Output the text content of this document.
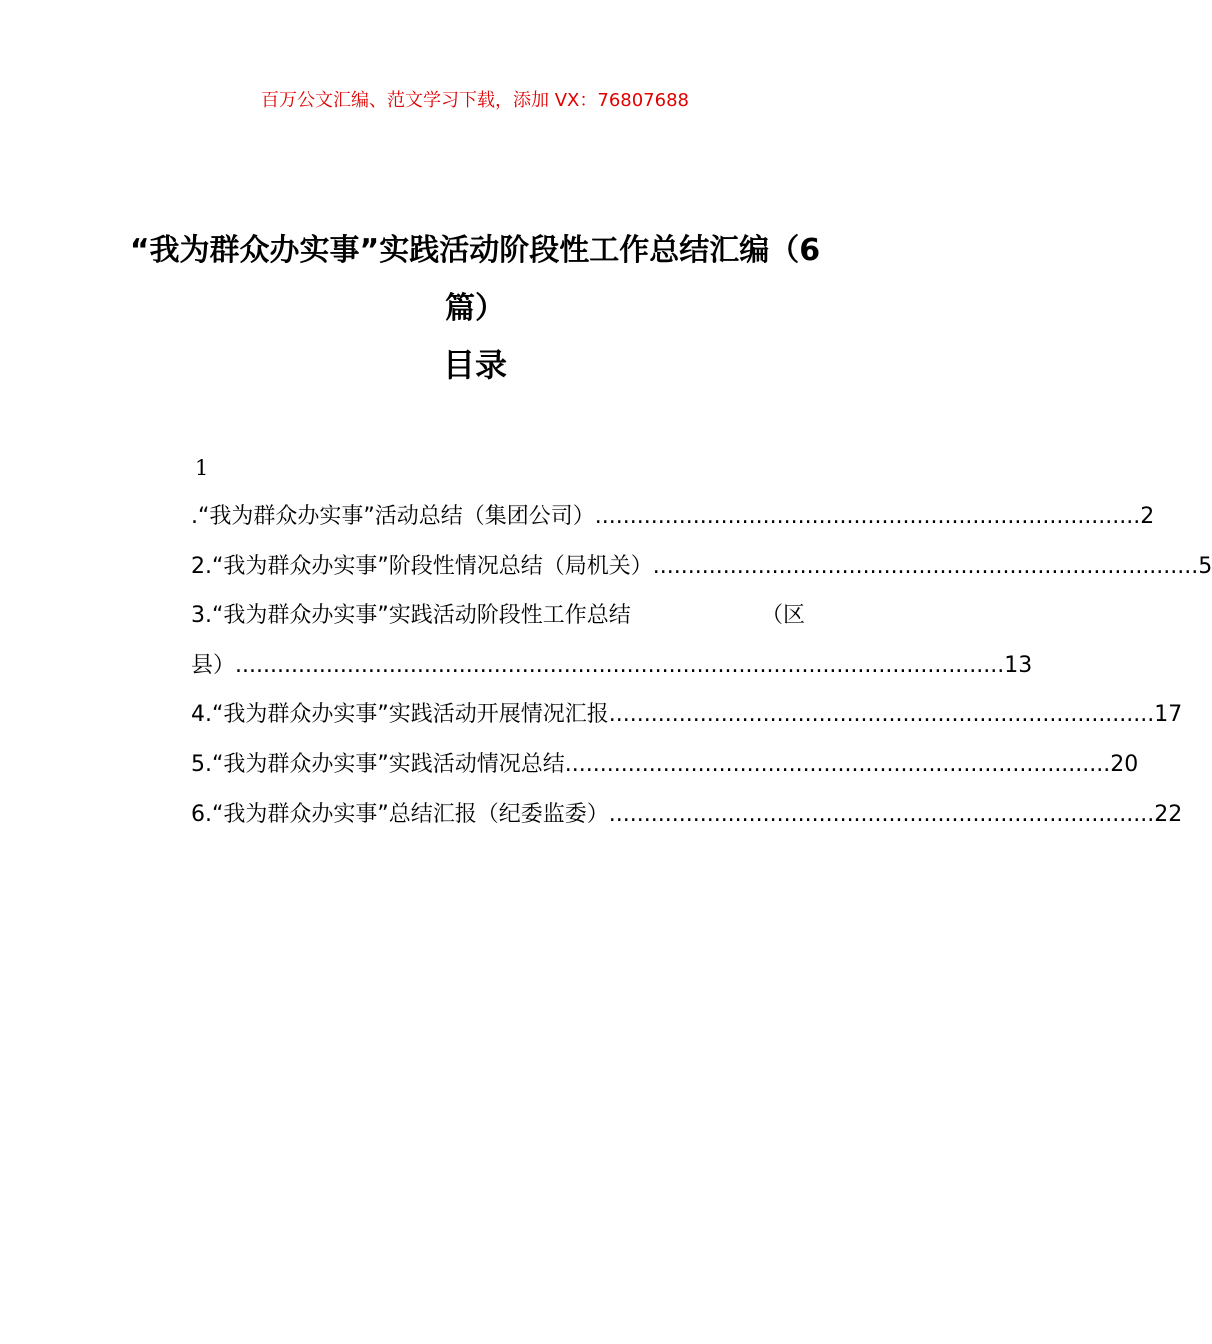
百万公文汇编、范文学习下载，添加 VX：76807688
“我为群众办实事”实践活动阶段性工作总结汇编（6篇）
目录
1
.“我为群众办实事”活动总结（集团公司） .............................................................................. 2
2.“我为群众办实事”阶段性情况总结（局机关） .............................................................................. 5
3.“我为群众办实事”实践活动阶段性工作总结	（区
县） .............................................................................................................. 13
4.“我为群众办实事”实践活动开展情况汇报 .............................................................................. 17
5.“我为群众办实事”实践活动情况总结 .............................................................................. 20
6.“我为群众办实事”总结汇报（纪委监委） .............................................................................. 22
